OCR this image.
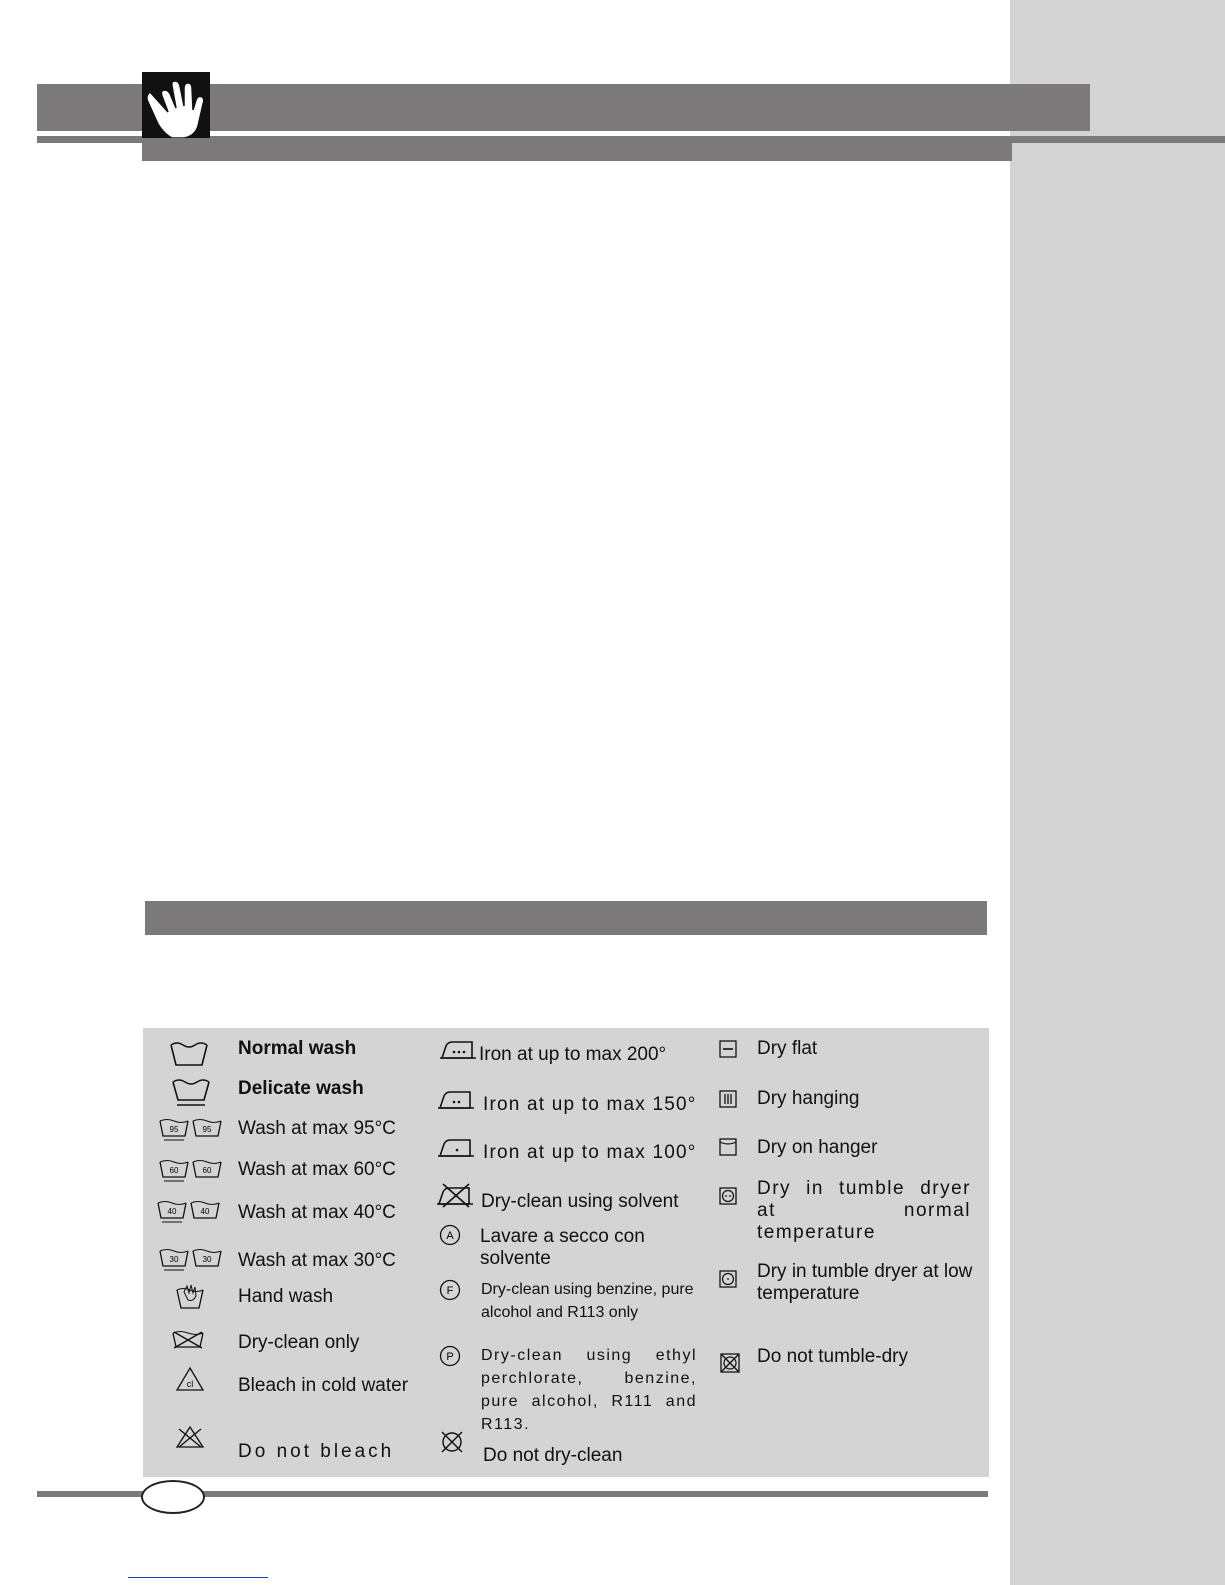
Normal wash
Delicate wash
95	95 Wash at max 95°C
60	60 Wash at max 60°C
40	40 Wash at max 40°C
30	30 Wash at max 30°C
Hand wash
Dry-clean only
cl Bleach in cold water
Do not bleach
Iron at up to max 200°
Iron at up to max 150°
Iron at up to max 100°
Dry-clean using solvent
A Lavare a secco con solvente
F Dry-clean using benzine, pure alcohol and R113 only
P Dry-clean using ethyl perchlorate, benzine, pure alcohol, R111 and R113.
Do not dry-clean
Dry flat
Dry hanging
Dry on hanger
Dry in tumble dryer at normal temperature
Dry in tumble dryer at low temperature
Do not tumble-dry
